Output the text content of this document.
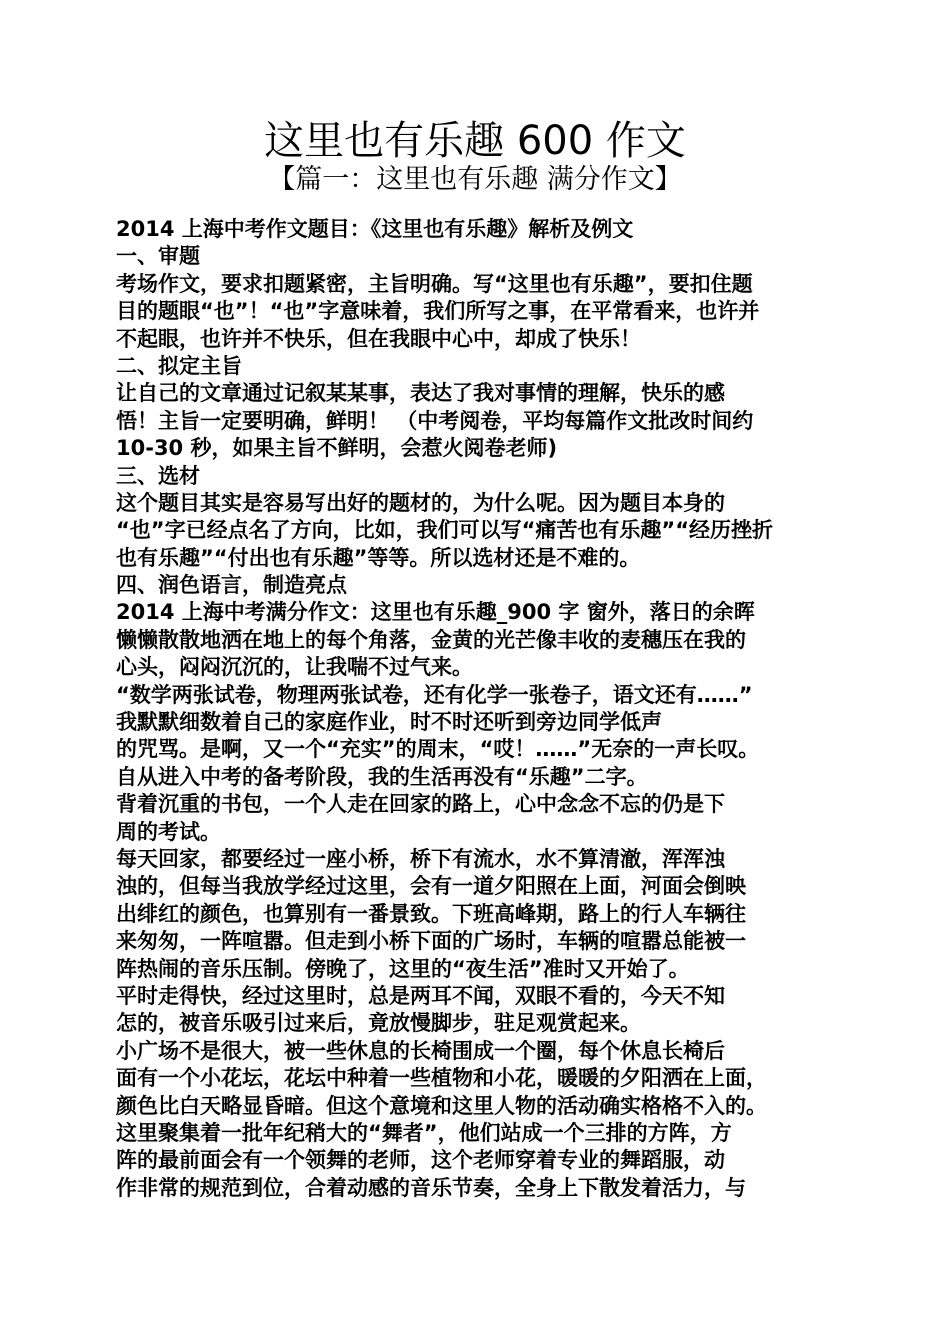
这里也有乐趣 600 作文
【篇一：这里也有乐趣 满分作文】
2014 上海中考作文题目：《这里也有乐趣》解析及例文
一、审题
考场作文，要求扣题紧密，主旨明确。写“这里也有乐趣”，要扣住题
目的题眼“也”！“也”字意味着，我们所写之事，在平常看来，也许并
不起眼，也许并不快乐，但在我眼中心中，却成了快乐！
二、拟定主旨
让自己的文章通过记叙某某事，表达了我对事情的理解，快乐的感
悟！主旨一定要明确，鲜明！ （中考阅卷，平均每篇作文批改时间约
10-30 秒，如果主旨不鲜明，会惹火阅卷老师)
三、选材
这个题目其实是容易写出好的题材的，为什么呢。因为题目本身的
“也”字已经点名了方向，比如，我们可以写“痛苦也有乐趣”“经历挫折
也有乐趣”“付出也有乐趣”等等。所以选材还是不难的。
四、润色语言，制造亮点
2014 上海中考满分作文：这里也有乐趣_900 字 窗外，落日的余晖
懒懒散散地洒在地上的每个角落，金黄的光芒像丰收的麦穗压在我的
心头，闷闷沉沉的，让我喘不过气来。
“数学两张试卷，物理两张试卷，还有化学一张卷子，语文还有……”
我默默细数着自己的家庭作业，时不时还听到旁边同学低声
的咒骂。是啊，又一个“充实”的周末，“哎！……”无奈的一声长叹。
自从进入中考的备考阶段，我的生活再没有“乐趣”二字。
背着沉重的书包，一个人走在回家的路上，心中念念不忘的仍是下
周的考试。
每天回家，都要经过一座小桥，桥下有流水，水不算清澈，浑浑浊
浊的，但每当我放学经过这里，会有一道夕阳照在上面，河面会倒映
出绯红的颜色，也算别有一番景致。下班高峰期，路上的行人车辆往
来匆匆，一阵喧嚣。但走到小桥下面的广场时，车辆的喧嚣总能被一
阵热闹的音乐压制。傍晚了，这里的“夜生活”准时又开始了。
平时走得快，经过这里时，总是两耳不闻，双眼不看的，今天不知
怎的，被音乐吸引过来后，竟放慢脚步，驻足观赏起来。
小广场不是很大，被一些休息的长椅围成一个圈，每个休息长椅后
面有一个小花坛，花坛中种着一些植物和小花，暖暖的夕阳洒在上面，
颜色比白天略显昏暗。但这个意境和这里人物的活动确实格格不入的。
这里聚集着一批年纪稍大的“舞者”，他们站成一个三排的方阵，方
阵的最前面会有一个领舞的老师，这个老师穿着专业的舞蹈服，动
作非常的规范到位，合着动感的音乐节奏，全身上下散发着活力，与
